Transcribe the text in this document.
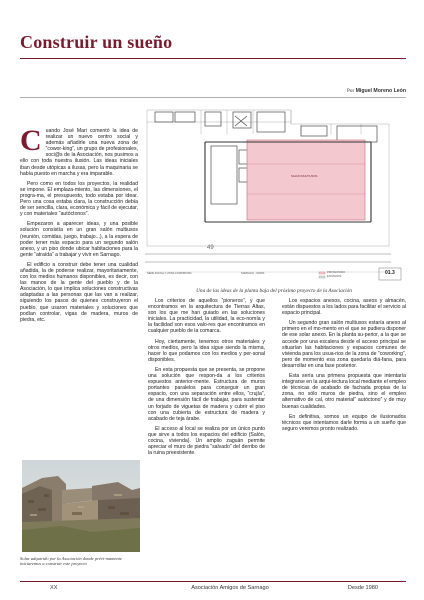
Construir un sueño

Por Miguel Moreno León

SALON MULTIUSOS
49
SEDE SOCIAL Y ZONA COWORKING	SARNAGO · SORIA	PROYECTADO
EXISTENTE
01.3

Una de las ideas de la planta baja del próximo proyecto de la Asociación

C uando José Mari comentó la idea de realizar un nuevo centro social y además añadirle una nueva zona de “cowor-king”, un grupo de profesionales, soci@s de la Asociación, nos pusimos a ello con toda nuestra ilusión. Las ideas iniciales iban desde utópicas a ilusas, pero la maquinaria se había puesto en marcha y era imparable.

Pero como en todos los proyectos, la realidad se impone. El emplaza-miento, las dimensiones, el progra-ma, el presupuesto, todo estaba por idear. Pero una cosa estaba clara, la construcción debía de ser sencilla, clara, económica y fácil de ejecutar, y con materiales “autóctonos”.

Empezaron a aparecer ideas, y una posible solución consistía en un gran salón multiusos (reunión, comidas, juego, trabajo...), a la espera de poder tener más espacio para un segundo salón anexo, y un piso donde ubicar habitaciones para la gente “atraída” a trabajar y vivir en Sarnago.

El edificio a construir debe tener una cualidad añadida, la de poderse realizar, mayoritariamente, con los medios humanos disponibles, es decir, con las manos de la gente del pueblo y de la Asociación, lo que implica soluciones constructivas adaptadas a las personas que las van a realizar, siguiendo los pasos de quienes construyeron el pueblo, que usaron materiales y soluciones que podían controlar, vigas de madera, muros de piedra, etc.

Solar adquirido por la Asociación donde prévi-mamente iniciaremos a construir este proyecto

Los criterios de aquellos “pioneros”, y que encontramos en la arquitectura de Tierras Altas, son los que me han guiado en las soluciones iniciales. La practicidad, la utilidad, la eco-nomía y la facilidad son esos valo-res que encontramos en cualquier pueblo de la comarca.

Hoy, ciertamente, tenemos otros materiales y otros medios, pero la idea sigue siendo la misma, hacer lo que podamos con los medios y per-sonal disponibles.

En esta propuesta que se presenta, se propone una solución que respon-da a los criterios expuestos anterior-mente. Estructura de muros portantes paralelos para conseguir un gran espacio, con una separación entre ellos, “crujía”, de una dimensión fácil de trabajar, para sustentar un forjado de viguetas de madera y cubrir el piso con una cubierta de estructura de madera y acabado de teja árabe.

El acceso al local se realiza por un único punto que sirve a todos los espacios del edificio (Salón, cocina, vivienda). Un amplio zaguán permite apreciar el muro de piedra “salvado” del derribo de la ruina preexistente.

Los espacios anexos, cocina, aseos y almacén, están dispuestos a los lados para facilitar el servicio al espacio principal.

Un segundo gran salón multiusos estaría anexo al primero en el mo-mento en el que se pudiera disponer de ese solar anexo. En la planta su-perior, a la que se accede por una escalera desde el acceso principal se situarían las habitaciones y espacios comunes de vivienda para los usua-rios de la zona de “coworking”, pero de momento esa zona quedaría diá-fana, para desarrollar en una fase posterior.

Esta sería una primera propuesta que intentaría integrarse en la arqui-tectura local mediante el empleo de técnicas de acabado de fachada propias de la zona, no sólo muros de piedra, sino el empleo alternativo de cal, otro material” autóctono” y de muy buenas cualidades.

En definitiva, somos un equipo de ilusionados técnicos que intentamos darle forma a un sueño que seguro veremos pronto realizado.

XX	Asociación Amigos de Sarnago	Desde 1980
